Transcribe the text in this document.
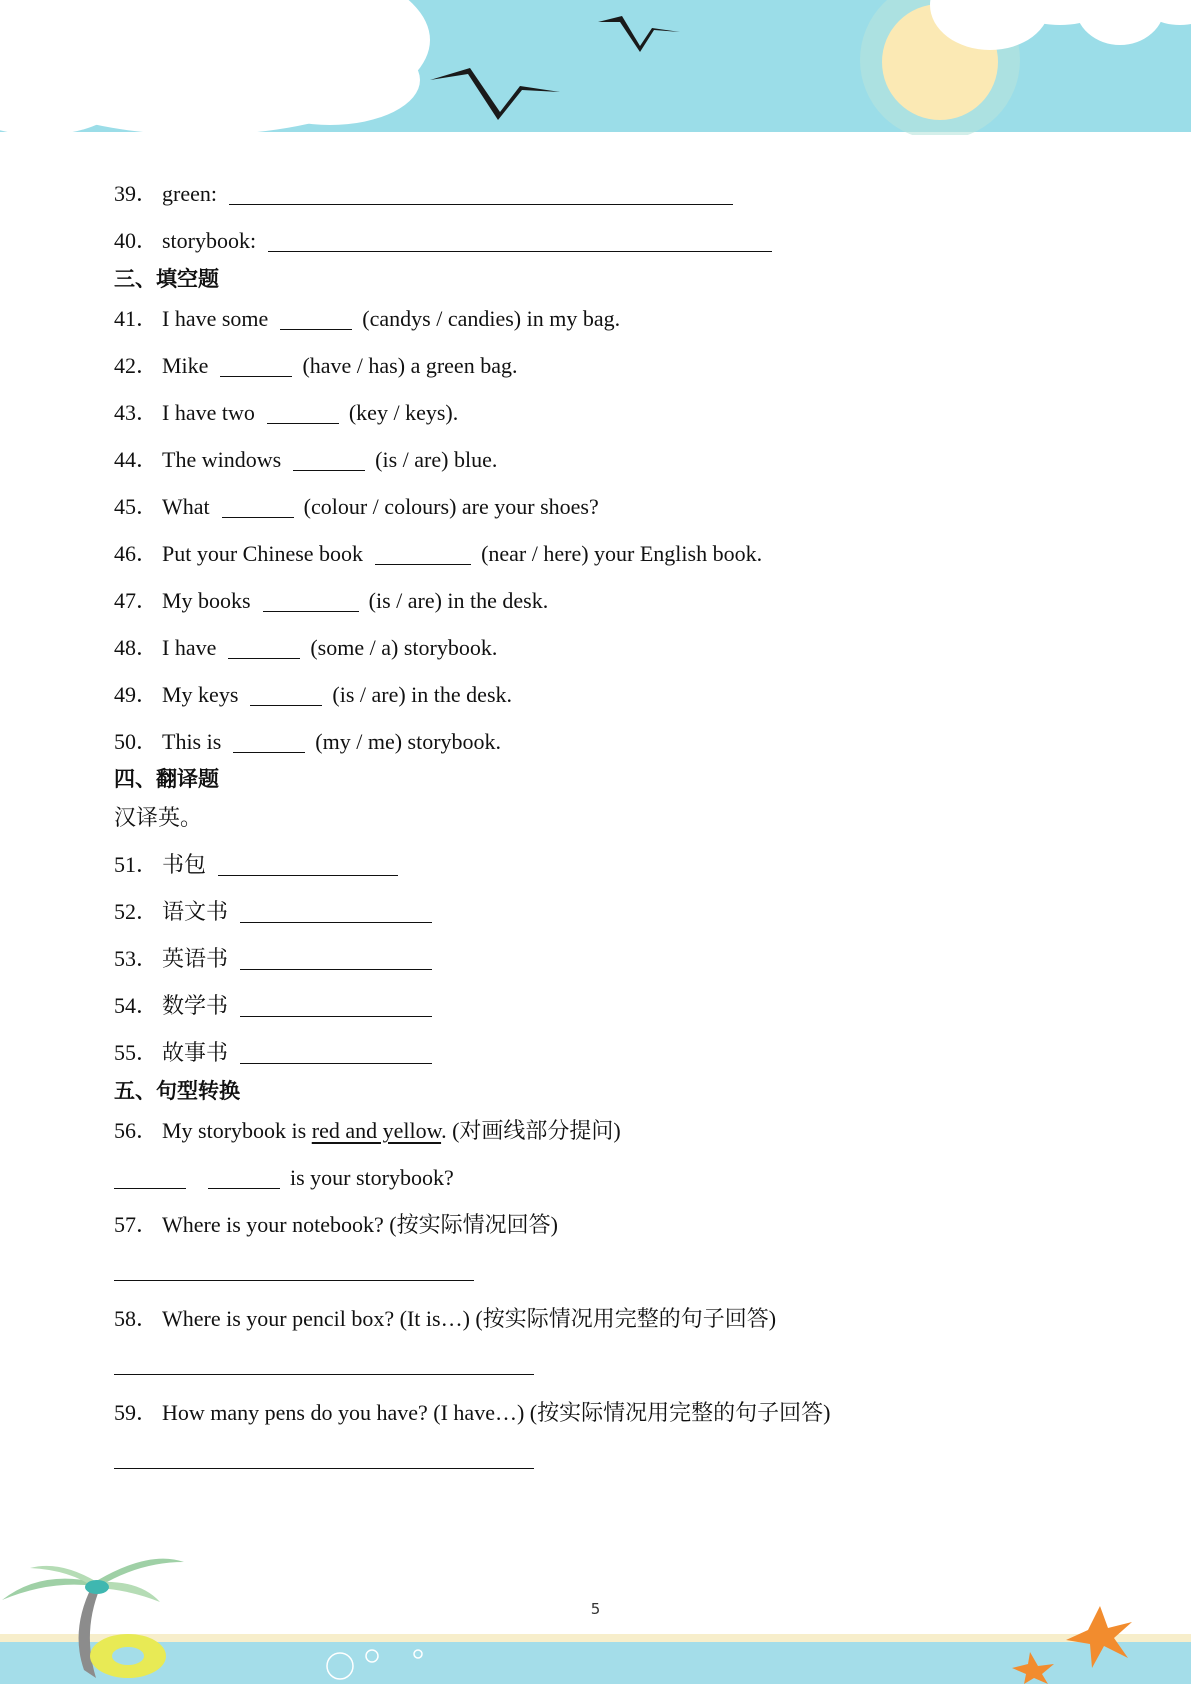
39． green:
40． storybook:
三、填空题
41． I have some	(candys / candies) in my bag.
42． Mike	(have / has) a green bag.
43． I have two	(key / keys).
44． The windows	(is / are) blue.
45． What	(colour / colours) are your shoes?
46． Put your Chinese book	(near / here) your English book.
47． My books	(is / are) in the desk.
48． I have	(some / a) storybook.
49． My keys	(is / are) in the desk.
50． This is	(my / me) storybook.
四、翻译题
汉译英。
51． 书包
52． 语文书
53． 英语书
54． 数学书
55． 故事书
五、句型转换
56． My storybook is red and yellow. (对画线部分提问)
is your storybook?
57． Where is your notebook? (按实际情况回答)
58． Where is your pencil box? (It is…) (按实际情况用完整的句子回答)
59． How many pens do you have? (I have…) (按实际情况用完整的句子回答)
5
